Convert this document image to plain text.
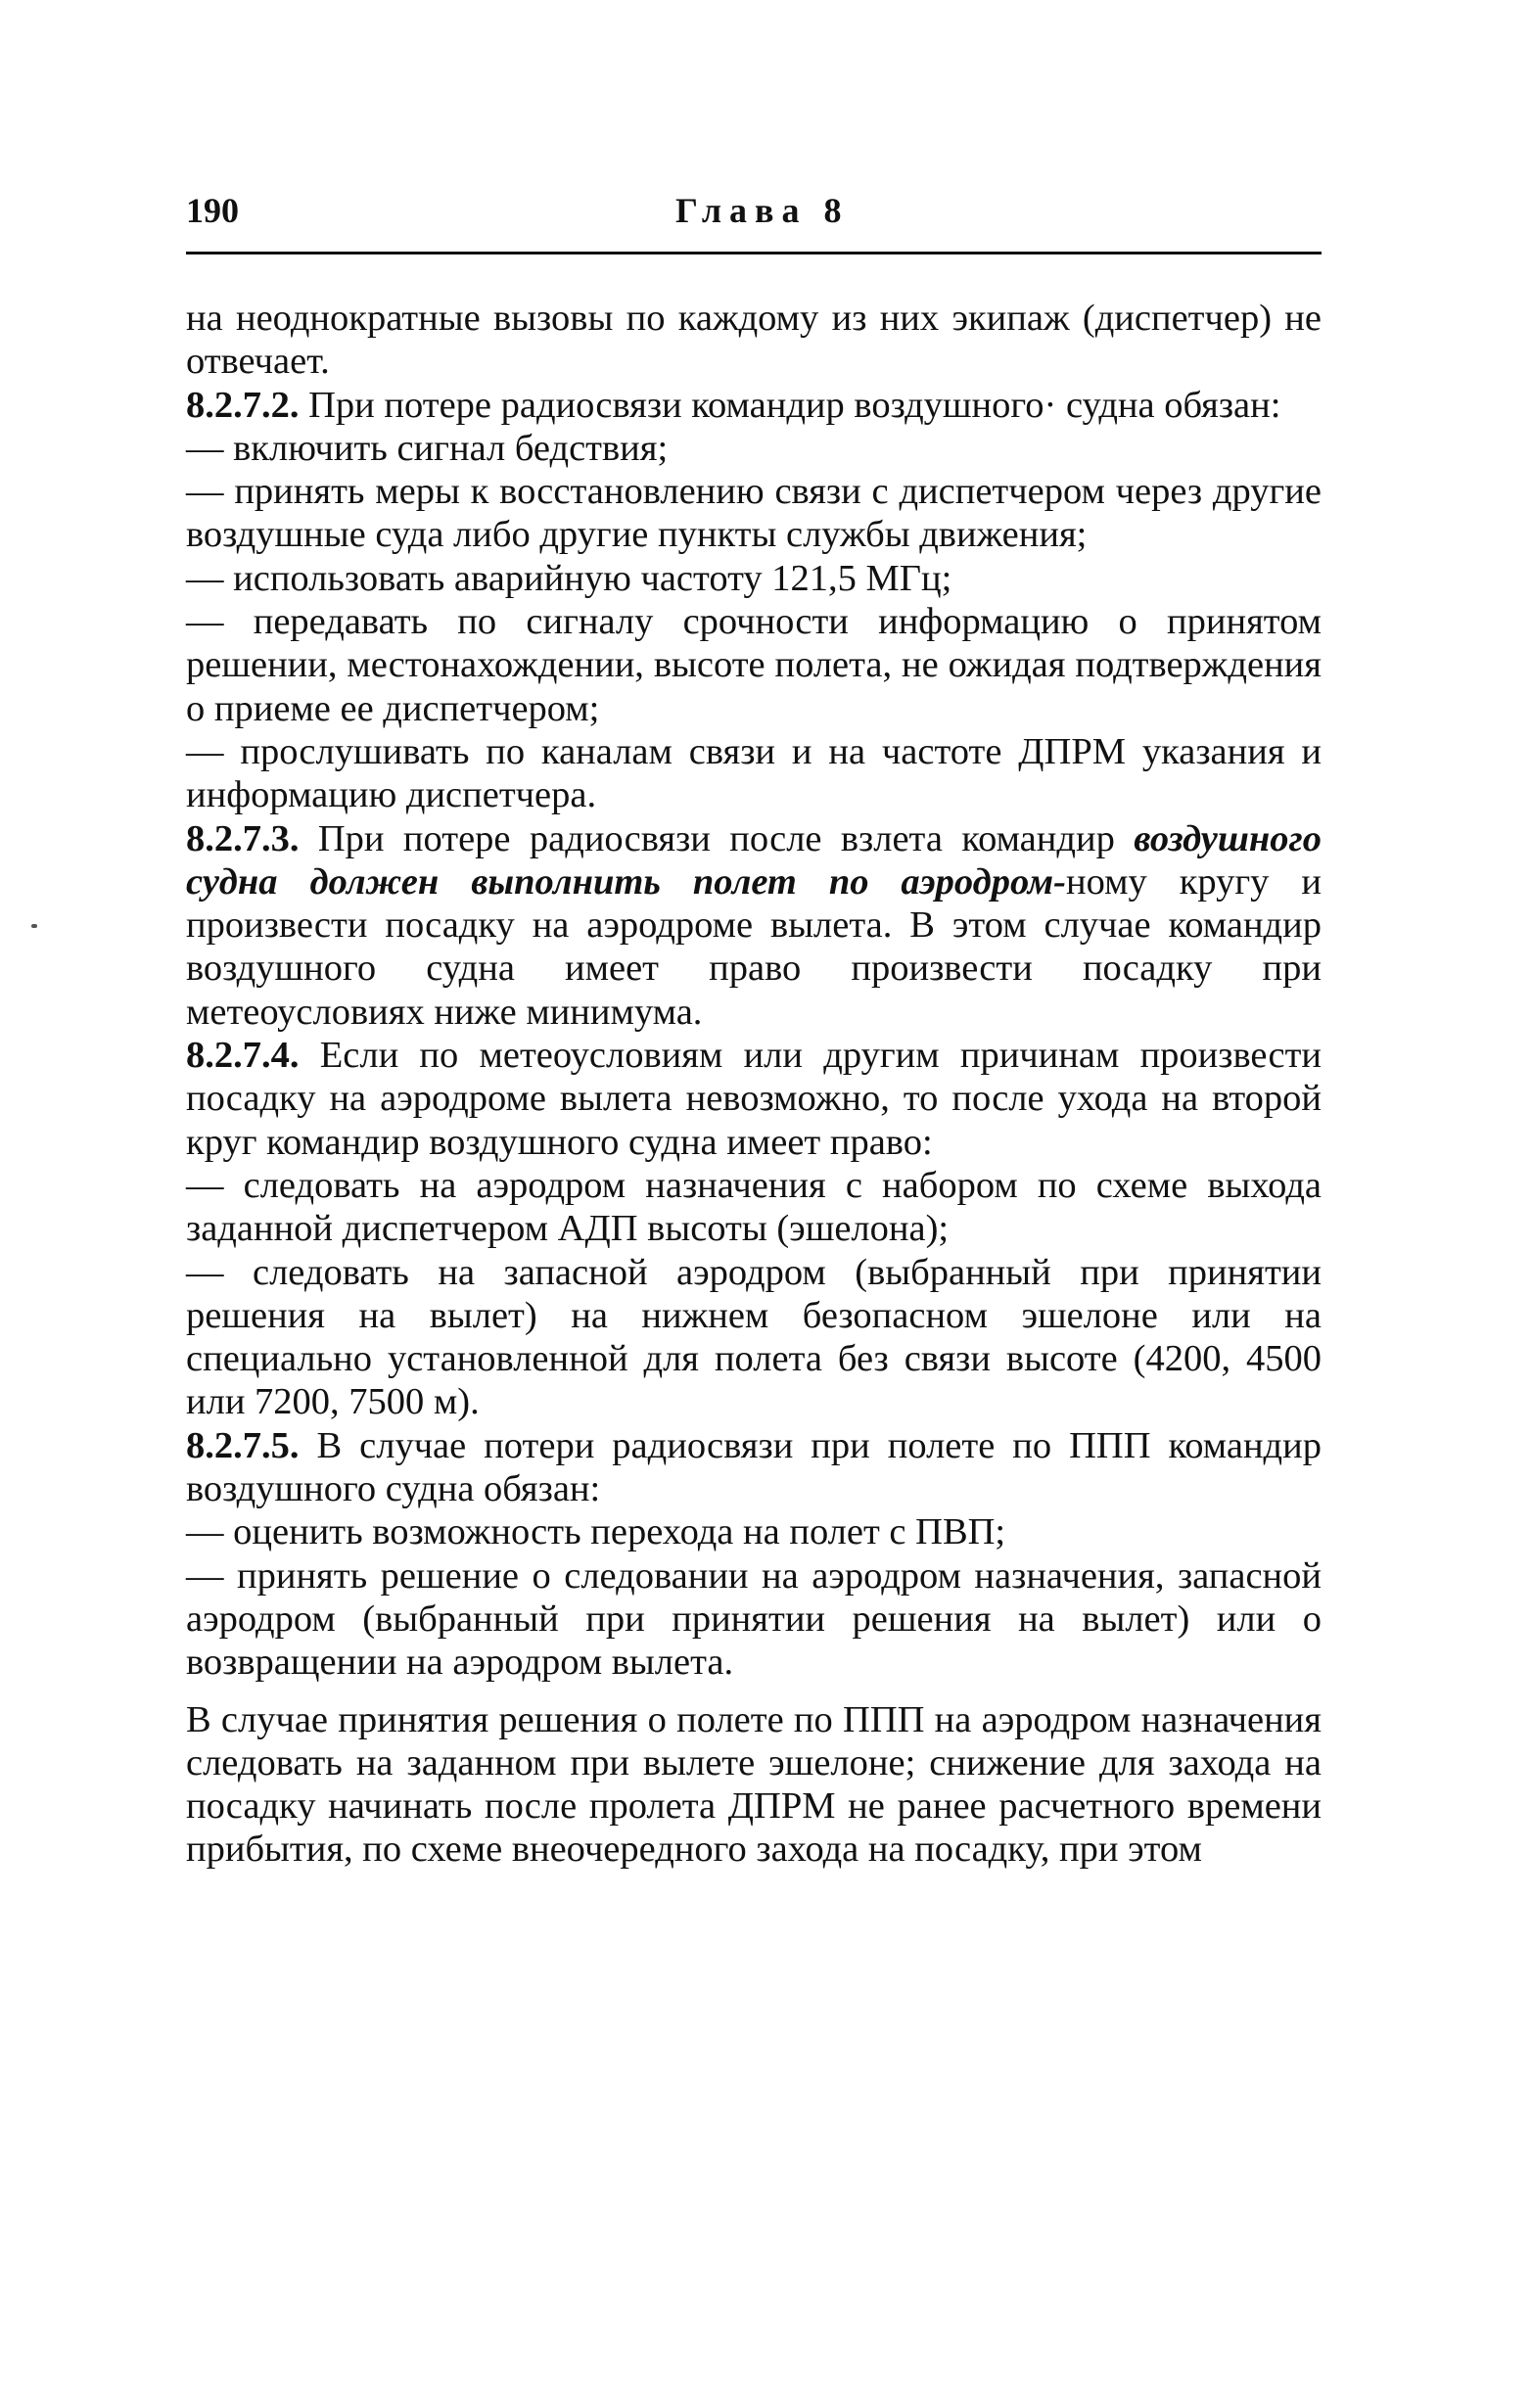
190	Глава 8

на неоднократные вызовы по каждому из них экипаж (диспетчер) не отвечает.

8.2.7.2. При потере радиосвязи командир воздушного· судна обязан:

— включить сигнал бедствия;

— принять меры к восстановлению связи с диспетчером через другие воздушные суда либо другие пункты службы движения;

— использовать аварийную частоту 121,5 МГц;

— передавать по сигналу срочности информацию о принятом решении, местонахождении, высоте полета, не ожидая подтверждения о приеме ее диспетчером;

— прослушивать по каналам связи и на частоте ДПРМ указания и информацию диспетчера.

8.2.7.3. При потере радиосвязи после взлета командир воздушного судна должен выполнить полет по аэродром-ному кругу и произвести посадку на аэродроме вылета. В этом случае командир воздушного судна имеет право произвести посадку при метеоусловиях ниже минимума.

8.2.7.4. Если по метеоусловиям или другим причинам произвести посадку на аэродроме вылета невозможно, то после ухода на второй круг командир воздушного судна имеет право:

— следовать на аэродром назначения с набором по схеме выхода заданной диспетчером АДП высоты (эшелона);

— следовать на запасной аэродром (выбранный при принятии решения на вылет) на нижнем безопасном эшелоне или на специально установленной для полета без связи высоте (4200, 4500 или 7200, 7500 м).

8.2.7.5. В случае потери радиосвязи при полете по ППП командир воздушного судна обязан:

— оценить возможность перехода на полет с ПВП;

— принять решение о следовании на аэродром назначения, запасной аэродром (выбранный при принятии решения на вылет) или о возвращении на аэродром вылета.

В случае принятия решения о полете по ППП на аэродром назначения следовать на заданном при вылете эшелоне; снижение для захода на посадку начинать после пролета ДПРМ не ранее расчетного времени прибытия, по схеме внеочередного захода на посадку, при этом
